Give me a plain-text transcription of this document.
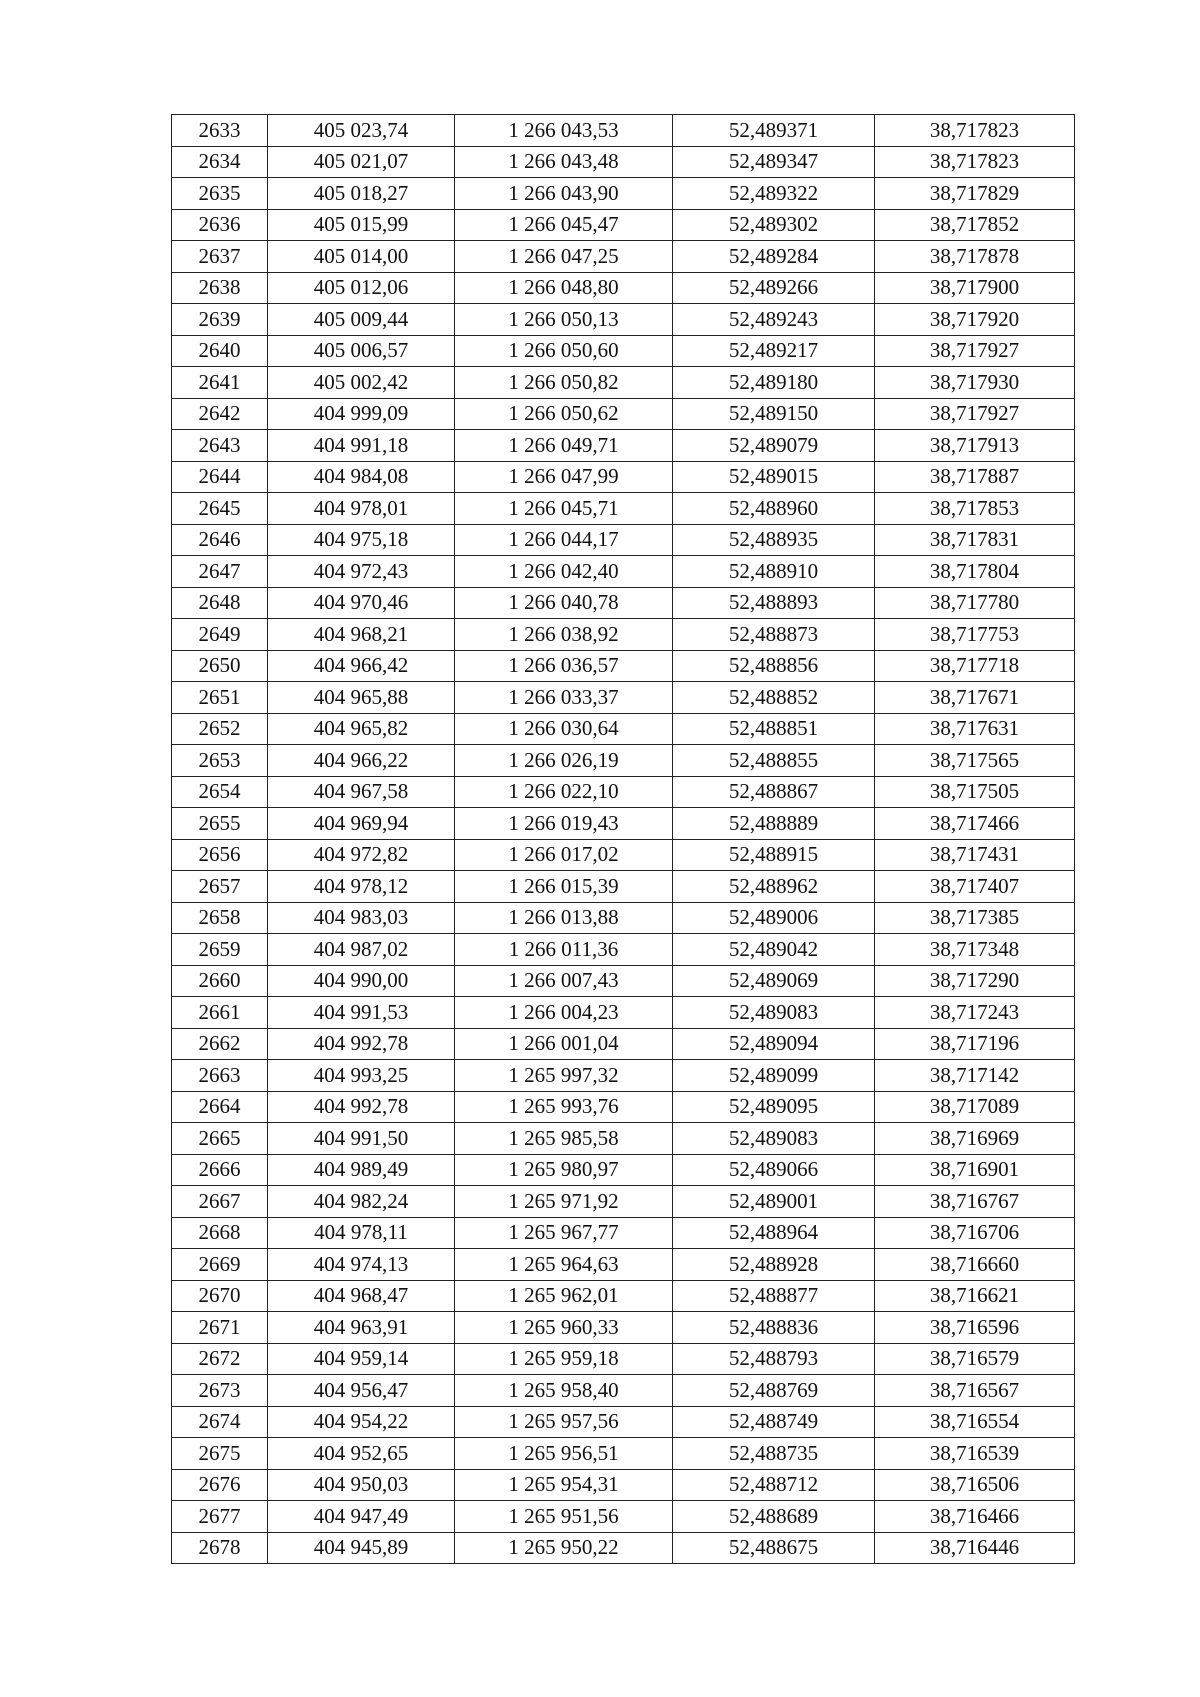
2633	405 023,74	1 266 043,53	52,489371	38,717823
2634	405 021,07	1 266 043,48	52,489347	38,717823
2635	405 018,27	1 266 043,90	52,489322	38,717829
2636	405 015,99	1 266 045,47	52,489302	38,717852
2637	405 014,00	1 266 047,25	52,489284	38,717878
2638	405 012,06	1 266 048,80	52,489266	38,717900
2639	405 009,44	1 266 050,13	52,489243	38,717920
2640	405 006,57	1 266 050,60	52,489217	38,717927
2641	405 002,42	1 266 050,82	52,489180	38,717930
2642	404 999,09	1 266 050,62	52,489150	38,717927
2643	404 991,18	1 266 049,71	52,489079	38,717913
2644	404 984,08	1 266 047,99	52,489015	38,717887
2645	404 978,01	1 266 045,71	52,488960	38,717853
2646	404 975,18	1 266 044,17	52,488935	38,717831
2647	404 972,43	1 266 042,40	52,488910	38,717804
2648	404 970,46	1 266 040,78	52,488893	38,717780
2649	404 968,21	1 266 038,92	52,488873	38,717753
2650	404 966,42	1 266 036,57	52,488856	38,717718
2651	404 965,88	1 266 033,37	52,488852	38,717671
2652	404 965,82	1 266 030,64	52,488851	38,717631
2653	404 966,22	1 266 026,19	52,488855	38,717565
2654	404 967,58	1 266 022,10	52,488867	38,717505
2655	404 969,94	1 266 019,43	52,488889	38,717466
2656	404 972,82	1 266 017,02	52,488915	38,717431
2657	404 978,12	1 266 015,39	52,488962	38,717407
2658	404 983,03	1 266 013,88	52,489006	38,717385
2659	404 987,02	1 266 011,36	52,489042	38,717348
2660	404 990,00	1 266 007,43	52,489069	38,717290
2661	404 991,53	1 266 004,23	52,489083	38,717243
2662	404 992,78	1 266 001,04	52,489094	38,717196
2663	404 993,25	1 265 997,32	52,489099	38,717142
2664	404 992,78	1 265 993,76	52,489095	38,717089
2665	404 991,50	1 265 985,58	52,489083	38,716969
2666	404 989,49	1 265 980,97	52,489066	38,716901
2667	404 982,24	1 265 971,92	52,489001	38,716767
2668	404 978,11	1 265 967,77	52,488964	38,716706
2669	404 974,13	1 265 964,63	52,488928	38,716660
2670	404 968,47	1 265 962,01	52,488877	38,716621
2671	404 963,91	1 265 960,33	52,488836	38,716596
2672	404 959,14	1 265 959,18	52,488793	38,716579
2673	404 956,47	1 265 958,40	52,488769	38,716567
2674	404 954,22	1 265 957,56	52,488749	38,716554
2675	404 952,65	1 265 956,51	52,488735	38,716539
2676	404 950,03	1 265 954,31	52,488712	38,716506
2677	404 947,49	1 265 951,56	52,488689	38,716466
2678	404 945,89	1 265 950,22	52,488675	38,716446
